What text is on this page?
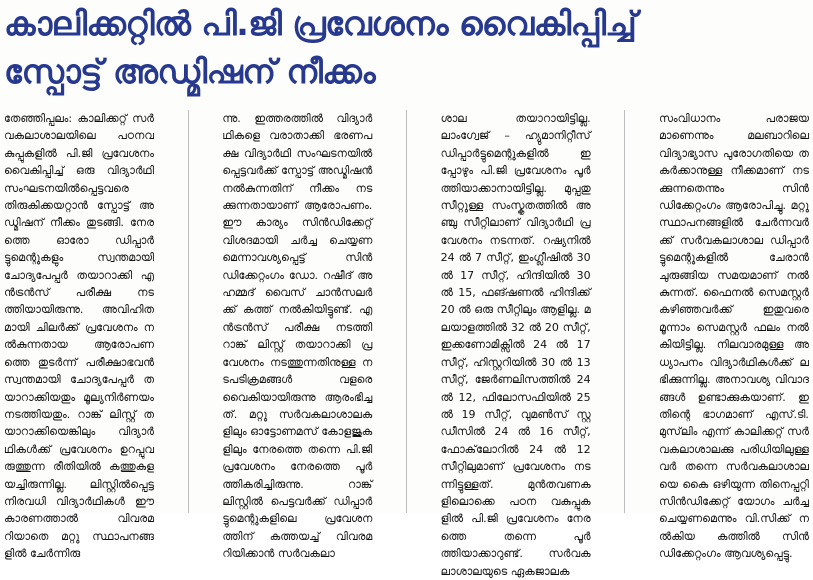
കാലിക്കറ്റിൽ പി.ജി പ്രവേശനം വൈകിപ്പിച്ച്
സ്പോട്ട് അഡ്മിഷന് നീക്കം

തേഞ്ഞിപ്പലം: കാലിക്കറ്റ് സർവകലാശാലയിലെ പഠനവകുപ്പുകളിൽ പി.ജി പ്രവേശനം വൈകിപ്പിച്ച് ഒരു വിദ്യാർഥി സംഘടനയിൽപ്പെട്ടവരെ തിരുകിക്കയറ്റാൻ സ്പോട്ട് അഡ്മിഷന് നീക്കം തുടങ്ങി. നേരത്തെ ഓരോ ഡിപ്പാർട്ടുമെന്റുകളും സ്വന്തമായി ചോദ്യപേപ്പർ തയാറാക്കി എൻട്രൻസ് പരീക്ഷ നടത്തിയായിരുന്നു. അവിഹിതമായി ചിലർക്ക് പ്രവേശനം നൽകുന്നതായ ആരോപണത്തെ തുടർന്ന് പരീക്ഷാഭവൻ സ്വന്തമായി ചോദ്യപേപ്പർ തയാറാക്കിയതും മൂല്യനിർണയം നടത്തിയതും. റാങ്ക് ലിസ്റ്റ് തയാറാക്കിയെങ്കിലും വിദ്യാർഥികൾക്ക് പ്രവേശനം ഉറപ്പുവരുത്തുന്ന രീതിയിൽ കത്തുകളയച്ചിരുന്നില്ല. ലിസ്റ്റിൽപ്പെട്ട നിരവധി വിദ്യാർഥികൾ ഈ കാരണത്താൽ വിവരമറിയാതെ മറ്റു സ്ഥാപനങ്ങളിൽ ചേർന്നിരു

ന്നു. ഇത്തരത്തിൽ വിദ്യാർഥികളെ വരാതാക്കി ഭരണപക്ഷ വിദ്യാർഥി സംഘടനയിൽപ്പെട്ടവർക്ക് സ്പോട്ട് അഡ്മിഷൻ നൽകുന്നതിന് നീക്കം നടക്കുന്നതായാണ് ആരോപണം. ഈ കാര്യം സിൻഡിക്കേറ്റ് വിശദമായി ചർച്ച ചെയ്യണമെന്നാവശ്യപ്പെട്ട് സിൻഡിക്കേറ്റംഗം ഡോ. റഷീദ് അഹമ്മദ് വൈസ് ചാൻസലർക്ക് കത്ത് നൽകിയിട്ടുണ്ട്. എൻട്രൻസ് പരീക്ഷ നടത്തി റാങ്ക് ലിസ്റ്റ് തയാറാക്കി പ്രവേശനം നടത്തുന്നതിനുള്ള നടപടിക്രമങ്ങൾ വളരെ വൈകിയായിരുന്നു ആരംഭിച്ചത്. മറ്റു സർവകലാശാലകളിലും ഓട്ടോണമസ് കോളജുകളിലും നേരത്തെ തന്നെ പി.ജി പ്രവേശനം നേരത്തെ പൂർത്തികരിച്ചിരുന്നു. റാങ്ക് ലിസ്റ്റിൽ പെട്ടവർക്ക് ഡിപ്പാർട്ടുമെന്റുകളിലെ പ്രവേശനത്തിന് കത്തയച്ച് വിവരമറിയിക്കാൻ സർവകലാ

ശാല തയാറായിട്ടില്ല. ലാംഗ്വേജ് – ഹ്യുമാനിറ്റീസ് ഡിപ്പാർട്ടുമെന്റുകളിൽ ഇപ്പോഴും പി.ജി പ്രവേശനം പൂർത്തിയാക്കാനായിട്ടില്ല. മുപ്പതു സീറ്റുള്ള സംസ്കൃതത്തിൽ അഞ്ചു സീറ്റിലാണ് വിദ്യാർഥി പ്രവേശനം നടന്നത്. റഷ്യനിൽ 24 ൽ 7 സീറ്റ്, ഇംഗ്ലീഷിൽ 30 ൽ 17 സീറ്റ്, ഹിന്ദിയിൽ 30 ൽ 15, ഫങ്ഷണൽ ഹിന്ദിക്ക് 20 ൽ ഒരു സീറ്റിലും ആളില്ല. മലയാളത്തിൽ 32 ൽ 20 സീറ്റ്, ഇക്കണോമിക്സിൽ 24 ൽ 17 സീറ്റ്, ഹിസ്റ്ററിയിൽ 30 ൽ 13 സീറ്റ്, ജേർണലിസത്തിൽ 24 ൽ 12, ഫിലോസഫിയിൽ 25 ൽ 19 സീറ്റ്, വുമൺസ് സ്റ്റഡീസിൽ 24 ൽ 16 സീറ്റ്, ഫോക്‌ലോറിൽ 24 ൽ 12 സീറ്റിലുമാണ് പ്രവേശനം നടന്നിട്ടുള്ളത്. മുൻതവണകളിലൊക്കെ പഠന വകുപ്പുകളിൽ പി.ജി പ്രവേശനം നേരത്തെ തന്നെ പൂർത്തിയാക്കാറുണ്ട്. സർവകലാശാലയുടെ ഏകജാലക

സംവിധാനം പരാജയമാണെന്നും മലബാറിലെ വിദ്യാഭ്യാസ പുരോഗതിയെ തകർക്കാനുള്ള നീക്കമാണ് നടക്കുന്നതെന്നും സിൻഡിക്കേറ്റംഗം ആരോപിച്ചു. മറ്റു സ്ഥാപനങ്ങളിൽ ചേർന്നവർക്ക് സർവകലാശാല ഡിപ്പാർട്ടുമെന്റുകളിൽ ചേരാൻ ചുരുങ്ങിയ സമയമാണ് നൽകുന്നത്. ഫൈനൽ സെമസ്റ്റർ കഴിഞ്ഞവർക്ക് ഇതുവരെ മൂന്നാം സെമസ്റ്റർ ഫലം നൽകിയിട്ടില്ല. നിലവാരമുള്ള അധ്യാപനം വിദ്യാർഥികൾക്ക് ലഭിക്കുന്നില്ല. അനാവശ്യ വിവാദങ്ങൾ ഉണ്ടാക്കുകയാണ്. ഇതിന്റെ ഭാഗമാണ് എസ്.ടി.മുസ്‌ലിം എന്ന് കാലിക്കറ്റ് സർവകലാശാലക്കു പരിധിയിലുള്ളവർ തന്നെ സർവകലാശാലയെ കൈ ഒഴിയുന്ന തിനെപ്പറ്റി സിൻഡിക്കേറ്റ് യോഗം ചർച്ച ചെയ്യണമെന്നും വി.സിക്ക് നൽകിയ കത്തിൽ സിൻഡിക്കേറ്റംഗം ആവശ്യപ്പെട്ടു.
